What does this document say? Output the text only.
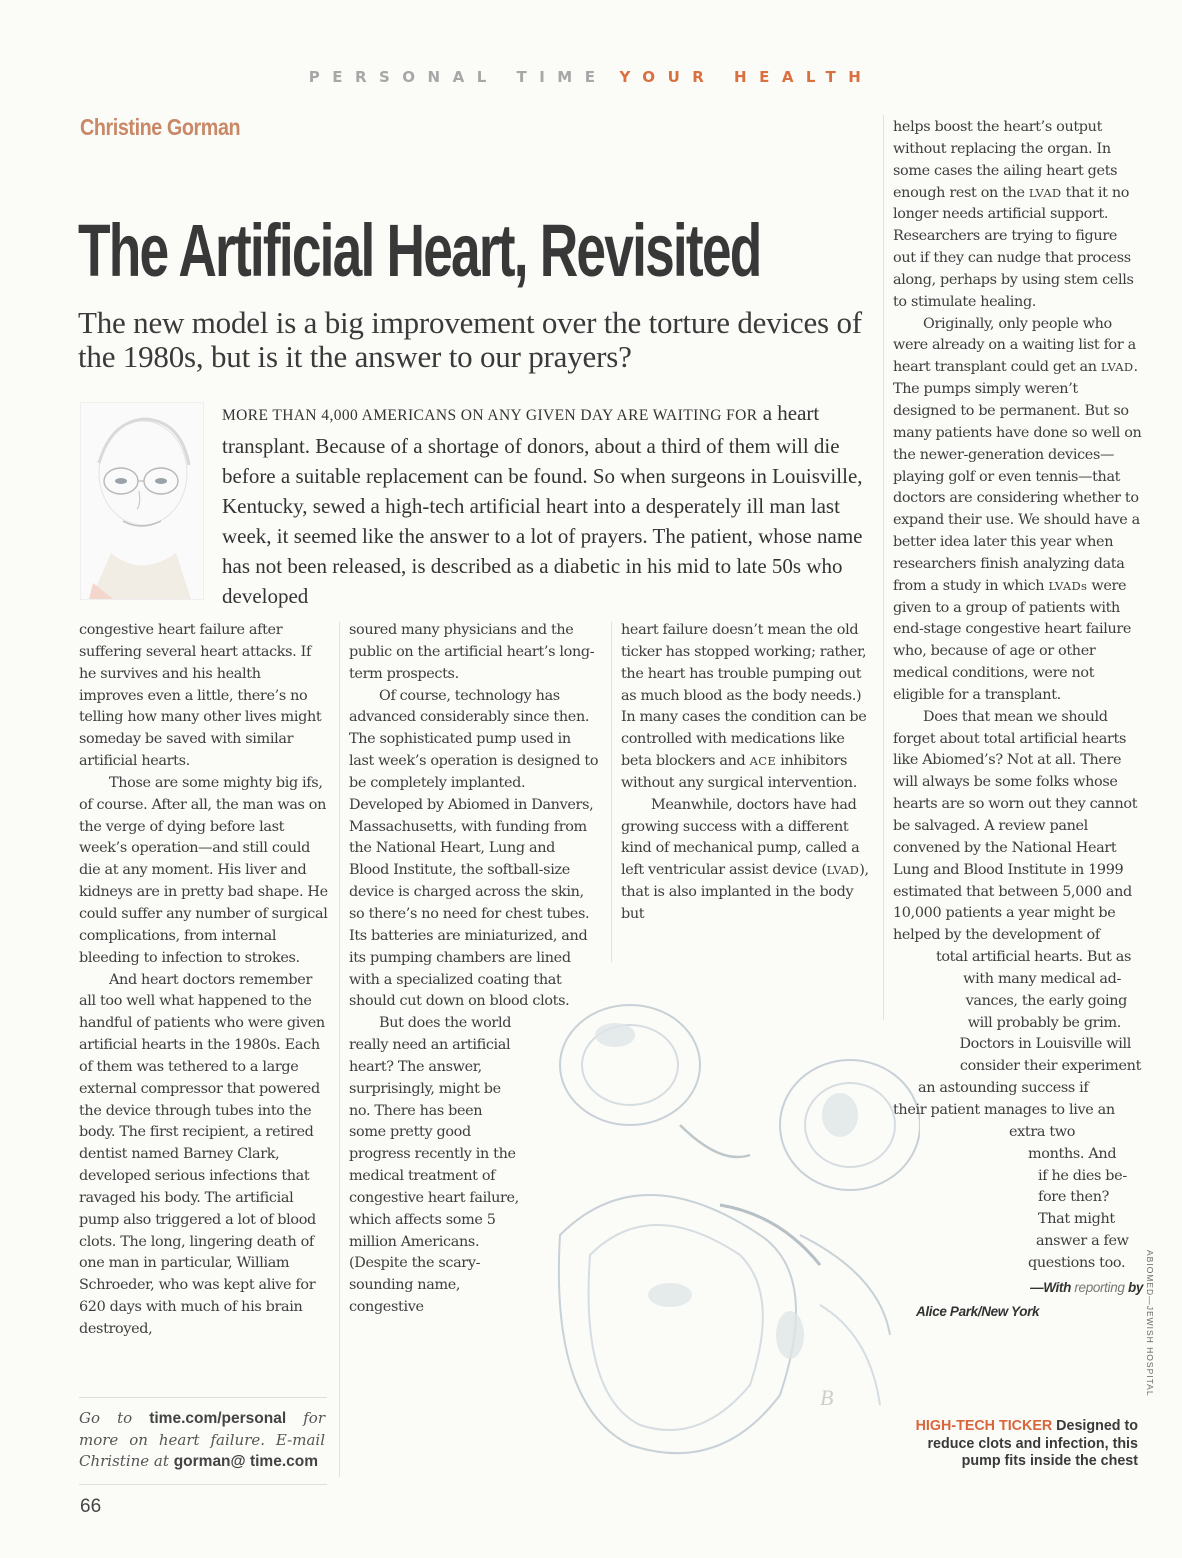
PERSONAL TIME YOUR HEALTH
Christine Gorman
The Artificial Heart, Revisited
The new model is a big improvement over the torture devices of the 1980s, but is it the answer to our prayers?
MORE THAN 4,000 AMERICANS ON ANY GIVEN DAY ARE WAITING FOR a heart transplant. Because of a shortage of donors, about a third of them will die before a suitable replacement can be found. So when surgeons in Louisville, Kentucky, sewed a high-tech artificial heart into a desperately ill man last week, it seemed like the answer to a lot of prayers. The patient, whose name has not been released, is described as a diabetic in his mid to late 50s who developed
B

congestive heart failure after suffering several heart attacks. If he survives and his health improves even a little, there’s no telling how many other lives might someday be saved with similar artificial hearts.

Those are some mighty big ifs, of course. After all, the man was on the verge of dying before last week’s operation—and still could die at any moment. His liver and kidneys are in pretty bad shape. He could suffer any number of surgical complications, from internal bleeding to infection to strokes.

And heart doctors remember all too well what happened to the handful of patients who were given artificial hearts in the 1980s. Each of them was tethered to a large external compressor that powered the device through tubes into the body. The first recipient, a retired dentist named Barney Clark, developed serious infections that ravaged his body. The artificial pump also triggered a lot of blood clots. The long, lingering death of one man in particular, William Schroeder, who was kept alive for 620 days with much of his brain destroyed,

Go to time.com/personal for more on heart failure. E-mail Christine at gorman@ time.com
66

soured many physicians and the public on the artificial heart’s long-term prospects.

Of course, technology has advanced considerably since then. The sophisticated pump used in last week’s operation is designed to be completely implanted. Developed by Abiomed in Danvers, Massachusetts, with funding from the National Heart, Lung and Blood Institute, the softball-size device is charged across the skin, so there’s no need for chest tubes. Its batteries are miniaturized, and its pumping chambers are lined with a specialized coating that should cut down on blood clots.

But does the world really need an artificial heart? The answer, surprisingly, might be no. There has been some pretty good progress recently in the medical treatment of congestive heart failure, which affects some 5 million Americans. (Despite the scary-sounding name, congestive

heart failure doesn’t mean the old ticker has stopped working; rather, the heart has trouble pumping out as much blood as the body needs.) In many cases the condition can be controlled with medications like beta blockers and ACE inhibitors without any surgical intervention.

Meanwhile, doctors have had growing success with a different kind of mechanical pump, called a left ventricular assist device (LVAD), that is also implanted in the body but

helps boost the heart’s output without replacing the organ. In some cases the ailing heart gets enough rest on the LVAD that it no longer needs artificial support. Researchers are trying to figure out if they can nudge that process along, perhaps by using stem cells to stimulate healing.

Originally, only people who were already on a waiting list for a heart transplant could get an LVAD. The pumps simply weren’t designed to be permanent. But so many patients have done so well on the newer-generation devices—playing golf or even tennis—that doctors are considering whether to expand their use. We should have a better idea later this year when researchers finish analyzing data from a study in which LVADs were given to a group of patients with end-stage congestive heart failure who, because of age or other medical conditions, were not eligible for a transplant.

Does that mean we should forget about total artificial hearts like Abiomed’s? Not at all. There will always be some folks whose hearts are so worn out they cannot be salvaged. A review panel convened by the National Heart Lung and Blood Institute in 1999 estimated that between 5,000 and 10,000 patients a year might be helped by the development of

total artificial hearts. But as
with many medical ad-
vances, the early going
will probably be grim.
Doctors in Louisville will
consider their experiment
an astounding success if
their patient manages to live an
extra two
months. And
if he dies be-
fore then?
That might
answer a few
questions too.
—With reporting by
Alice Park/New York
HIGH-TECH TICKER Designed to reduce clots and infection, this pump fits inside the chest
ABIOMED—JEWISH HOSPITAL
